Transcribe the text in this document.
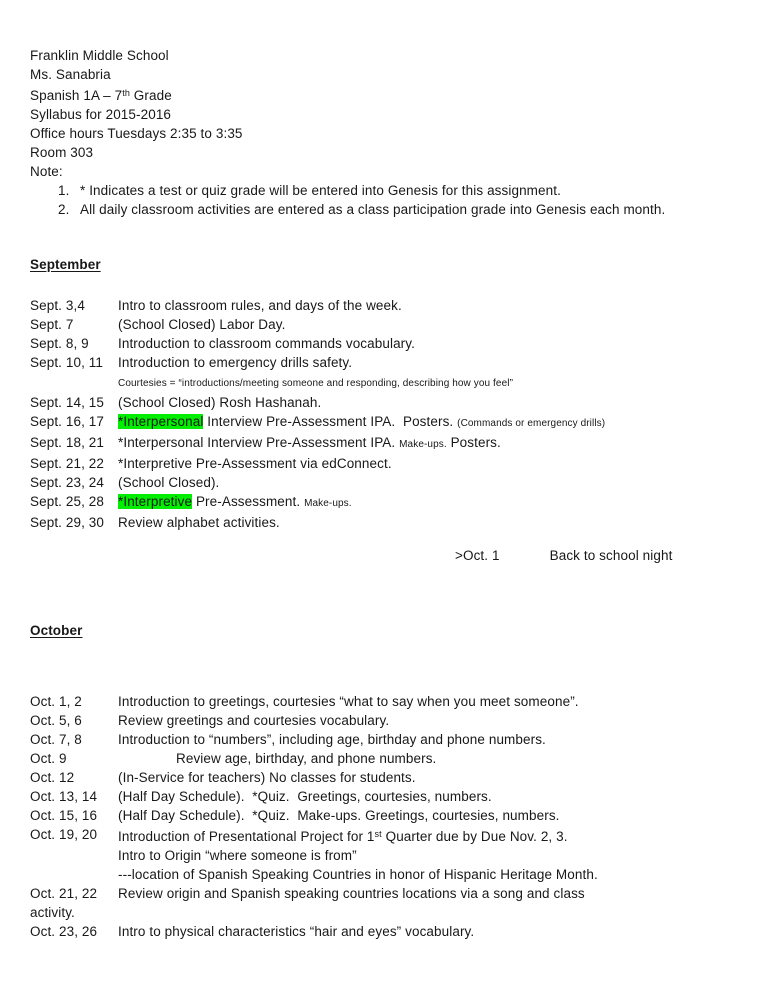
Franklin Middle School
Ms. Sanabria
Spanish 1A – 7th Grade
Syllabus for 2015-2016
Office hours Tuesdays 2:35 to 3:35
Room 303
Note:
1. * Indicates a test or quiz grade will be entered into Genesis for this assignment.
2. All daily classroom activities are entered as a class participation grade into Genesis each month.
September
Sept. 3,4	Intro to classroom rules, and days of the week.
Sept. 7	(School Closed) Labor Day.
Sept. 8, 9	Introduction to classroom commands vocabulary.
Sept. 10, 11	Introduction to emergency drills safety.
Courtesies = “introductions/meeting someone and responding, describing how you feel”
Sept. 14, 15	(School Closed) Rosh Hashanah.
Sept. 16, 17	*Interpersonal Interview Pre-Assessment IPA.  Posters. (Commands or emergency drills)
Sept. 18, 21	*Interpersonal Interview Pre-Assessment IPA. Make-ups. Posters.
Sept. 21, 22	*Interpretive Pre-Assessment via edConnect.
Sept. 23, 24	(School Closed).
Sept. 25, 28	*Interpretive Pre-Assessment. Make-ups.
Sept. 29, 30	Review alphabet activities.
>Oct. 1	Back to school night
October
Oct. 1, 2	Introduction to greetings, courtesies “what to say when you meet someone”.
Oct. 5, 6	Review greetings and courtesies vocabulary.
Oct. 7, 8	Introduction to “numbers”, including age, birthday and phone numbers.
Oct. 9	Review age, birthday, and phone numbers.
Oct. 12	(In-Service for teachers) No classes for students.
Oct. 13, 14	(Half Day Schedule).  *Quiz.  Greetings, courtesies, numbers.
Oct. 15, 16	(Half Day Schedule).  *Quiz.  Make-ups. Greetings, courtesies, numbers.
Oct. 19, 20	Introduction of Presentational Project for 1st Quarter due by Due Nov. 2, 3.
Intro to Origin “where someone is from”
---location of Spanish Speaking Countries in honor of Hispanic Heritage Month.
Oct. 21, 22	Review origin and Spanish speaking countries locations via a song and class
activity.
Oct. 23, 26	Intro to physical characteristics “hair and eyes” vocabulary.
